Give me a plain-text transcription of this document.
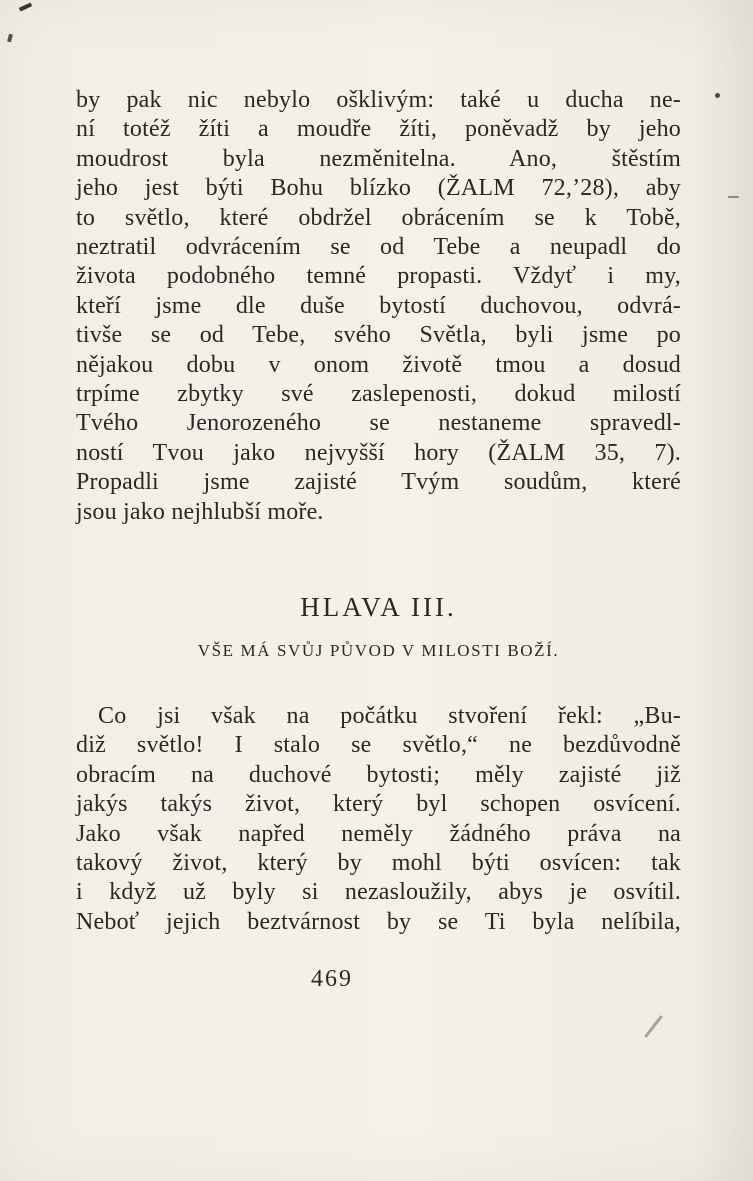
by pak nic nebylo ošklivým: také u ducha ne-
ní totéž žíti a moudře žíti, poněvadž by jeho
moudrost byla nezměnitelna. Ano, štěstím
jeho jest býti Bohu blízko (ŽALM 72,’28), aby
to světlo, které obdržel obrácením se k Tobě,
neztratil odvrácením se od Tebe a neupadl do
života podobného temné propasti. Vždyť i my,
kteří jsme dle duše bytostí duchovou, odvrá-
tivše se od Tebe, svého Světla, byli jsme po
nějakou dobu v onom životě tmou a dosud
trpíme zbytky své zaslepenosti, dokud milostí
Tvého Jenorozeného se nestaneme spravedl-
ností Tvou jako nejvyšší hory (ŽALM 35, 7).
Propadli jsme zajisté Tvým soudům, které
jsou jako nejhlubší moře.
HLAVA III.
VŠE MÁ SVŮJ PŮVOD V MILOSTI BOŽÍ.
Co jsi však na počátku stvoření řekl: „Bu-
diž světlo! I stalo se světlo,“ ne bezdůvodně
obracím na duchové bytosti; měly zajisté již
jakýs takýs život, který byl schopen osvícení.
Jako však napřed neměly žádného práva na
takový život, který by mohl býti osvícen: tak
i když už byly si nezasloužily, abys je osvítil.
Neboť jejich beztvárnost by se Ti byla nelíbila,
469
